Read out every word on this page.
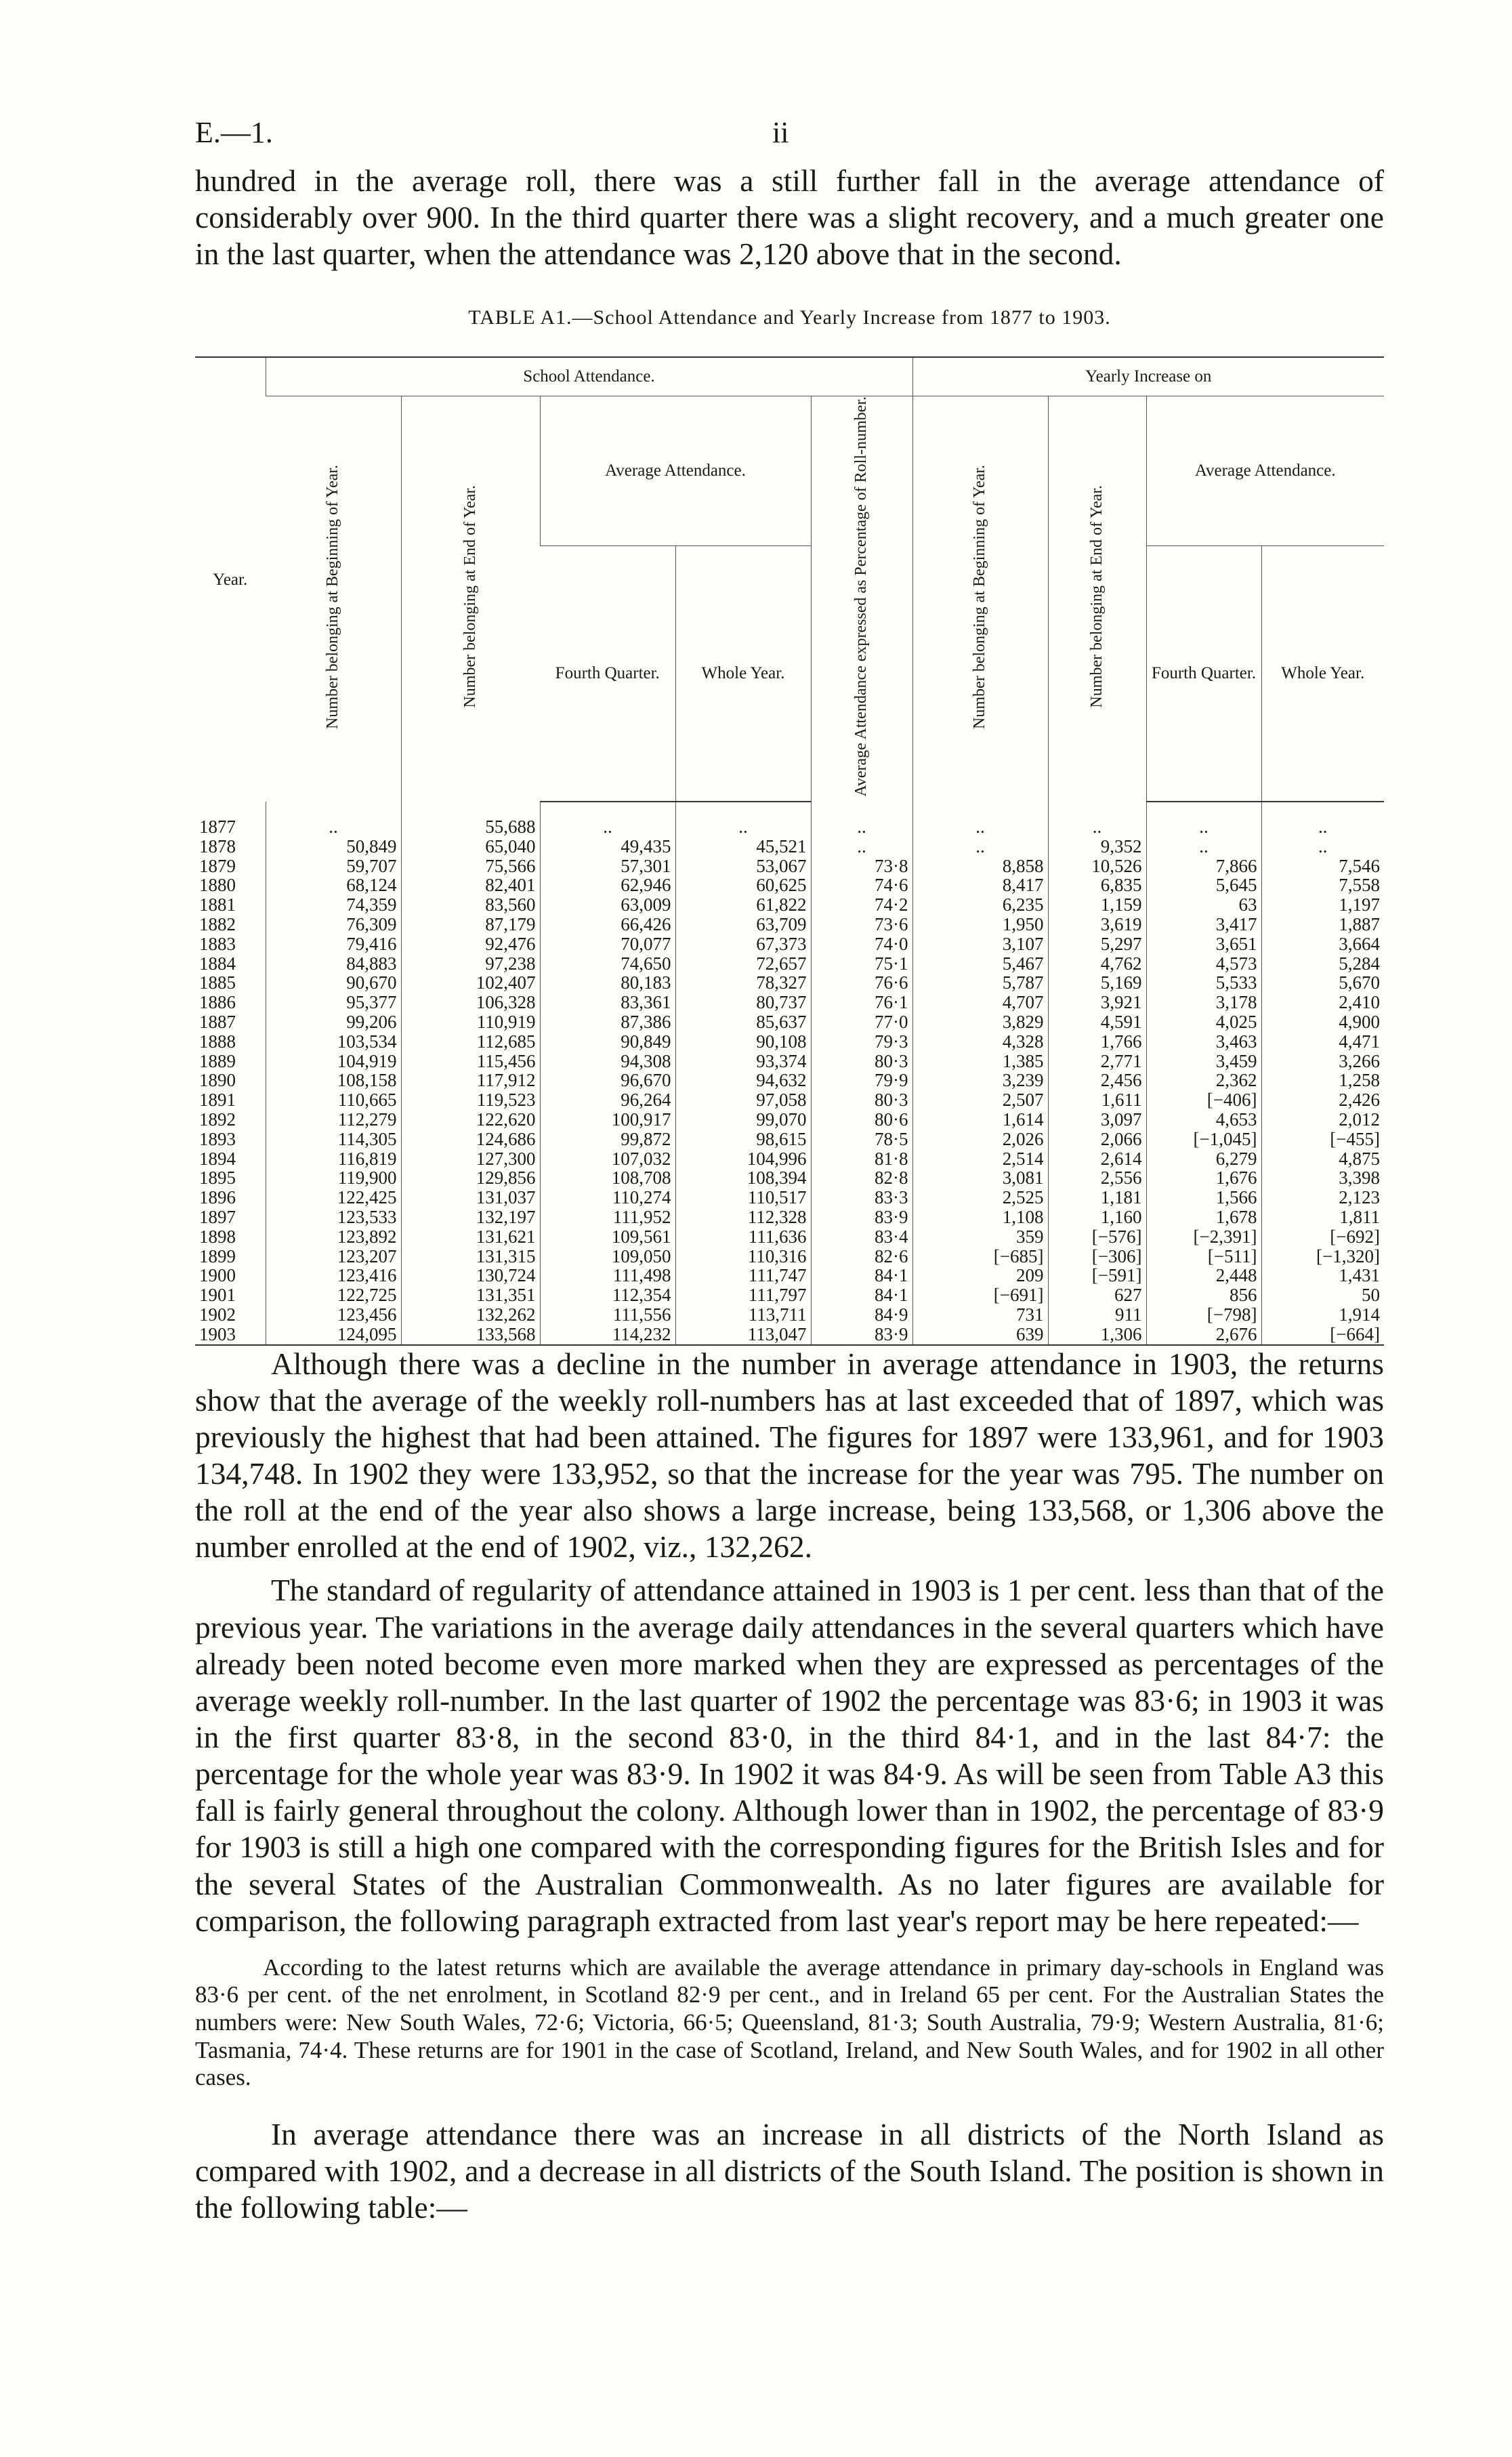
E.—1.	ii

hundred in the average roll, there was a still further fall in the average attendance of considerably over 900. In the third quarter there was a slight recovery, and a much greater one in the last quarter, when the attendance was 2,120 above that in the second.

TABLE A1.—School Attendance and Yearly Increase from 1877 to 1903.
Year.	School Attendance.					Yearly Increase on			
	Number belonging at Beginning of Year.	Number belonging at End of Year.	Average Attendance.		Average Attendance expressed as Percentage of Roll-number.	Number belonging at Beginning of Year.	Number belonging at End of Year.	Average Attendance.	
			Fourth Quarter.	Whole Year.				Fourth Quarter.	Whole Year.
1877	..	55,688	..	..	..	..	..	..	..
1878	50,849	65,040	49,435	45,521	..	..	9,352	..	..
1879	59,707	75,566	57,301	53,067	73·8	8,858	10,526	7,866	7,546
1880	68,124	82,401	62,946	60,625	74·6	8,417	6,835	5,645	7,558
1881	74,359	83,560	63,009	61,822	74·2	6,235	1,159	63	1,197
1882	76,309	87,179	66,426	63,709	73·6	1,950	3,619	3,417	1,887
1883	79,416	92,476	70,077	67,373	74·0	3,107	5,297	3,651	3,664
1884	84,883	97,238	74,650	72,657	75·1	5,467	4,762	4,573	5,284
1885	90,670	102,407	80,183	78,327	76·6	5,787	5,169	5,533	5,670
1886	95,377	106,328	83,361	80,737	76·1	4,707	3,921	3,178	2,410
1887	99,206	110,919	87,386	85,637	77·0	3,829	4,591	4,025	4,900
1888	103,534	112,685	90,849	90,108	79·3	4,328	1,766	3,463	4,471
1889	104,919	115,456	94,308	93,374	80·3	1,385	2,771	3,459	3,266
1890	108,158	117,912	96,670	94,632	79·9	3,239	2,456	2,362	1,258
1891	110,665	119,523	96,264	97,058	80·3	2,507	1,611	[−406]	2,426
1892	112,279	122,620	100,917	99,070	80·6	1,614	3,097	4,653	2,012
1893	114,305	124,686	99,872	98,615	78·5	2,026	2,066	[−1,045]	[−455]
1894	116,819	127,300	107,032	104,996	81·8	2,514	2,614	6,279	4,875
1895	119,900	129,856	108,708	108,394	82·8	3,081	2,556	1,676	3,398
1896	122,425	131,037	110,274	110,517	83·3	2,525	1,181	1,566	2,123
1897	123,533	132,197	111,952	112,328	83·9	1,108	1,160	1,678	1,811
1898	123,892	131,621	109,561	111,636	83·4	359	[−576]	[−2,391]	[−692]
1899	123,207	131,315	109,050	110,316	82·6	[−685]	[−306]	[−511]	[−1,320]
1900	123,416	130,724	111,498	111,747	84·1	209	[−591]	2,448	1,431
1901	122,725	131,351	112,354	111,797	84·1	[−691]	627	856	50
1902	123,456	132,262	111,556	113,711	84·9	731	911	[−798]	1,914
1903	124,095	133,568	114,232	113,047	83·9	639	1,306	2,676	[−664]

Although there was a decline in the number in average attendance in 1903, the returns show that the average of the weekly roll-numbers has at last exceeded that of 1897, which was previously the highest that had been attained. The figures for 1897 were 133,961, and for 1903 134,748. In 1902 they were 133,952, so that the increase for the year was 795. The number on the roll at the end of the year also shows a large increase, being 133,568, or 1,306 above the number enrolled at the end of 1902, viz., 132,262.

The standard of regularity of attendance attained in 1903 is 1 per cent. less than that of the previous year. The variations in the average daily attendances in the several quarters which have already been noted become even more marked when they are expressed as percentages of the average weekly roll-number. In the last quarter of 1902 the percentage was 83·6; in 1903 it was in the first quarter 83·8, in the second 83·0, in the third 84·1, and in the last 84·7: the percentage for the whole year was 83·9. In 1902 it was 84·9. As will be seen from Table A3 this fall is fairly general throughout the colony. Although lower than in 1902, the percentage of 83·9 for 1903 is still a high one compared with the corresponding figures for the British Isles and for the several States of the Australian Commonwealth. As no later figures are available for comparison, the following paragraph extracted from last year's report may be here repeated:—

According to the latest returns which are available the average attendance in primary day-schools in England was 83·6 per cent. of the net enrolment, in Scotland 82·9 per cent., and in Ireland 65 per cent. For the Australian States the numbers were: New South Wales, 72·6; Victoria, 66·5; Queensland, 81·3; South Australia, 79·9; Western Australia, 81·6; Tasmania, 74·4. These returns are for 1901 in the case of Scotland, Ireland, and New South Wales, and for 1902 in all other cases.

In average attendance there was an increase in all districts of the North Island as compared with 1902, and a decrease in all districts of the South Island. The position is shown in the following table:—
